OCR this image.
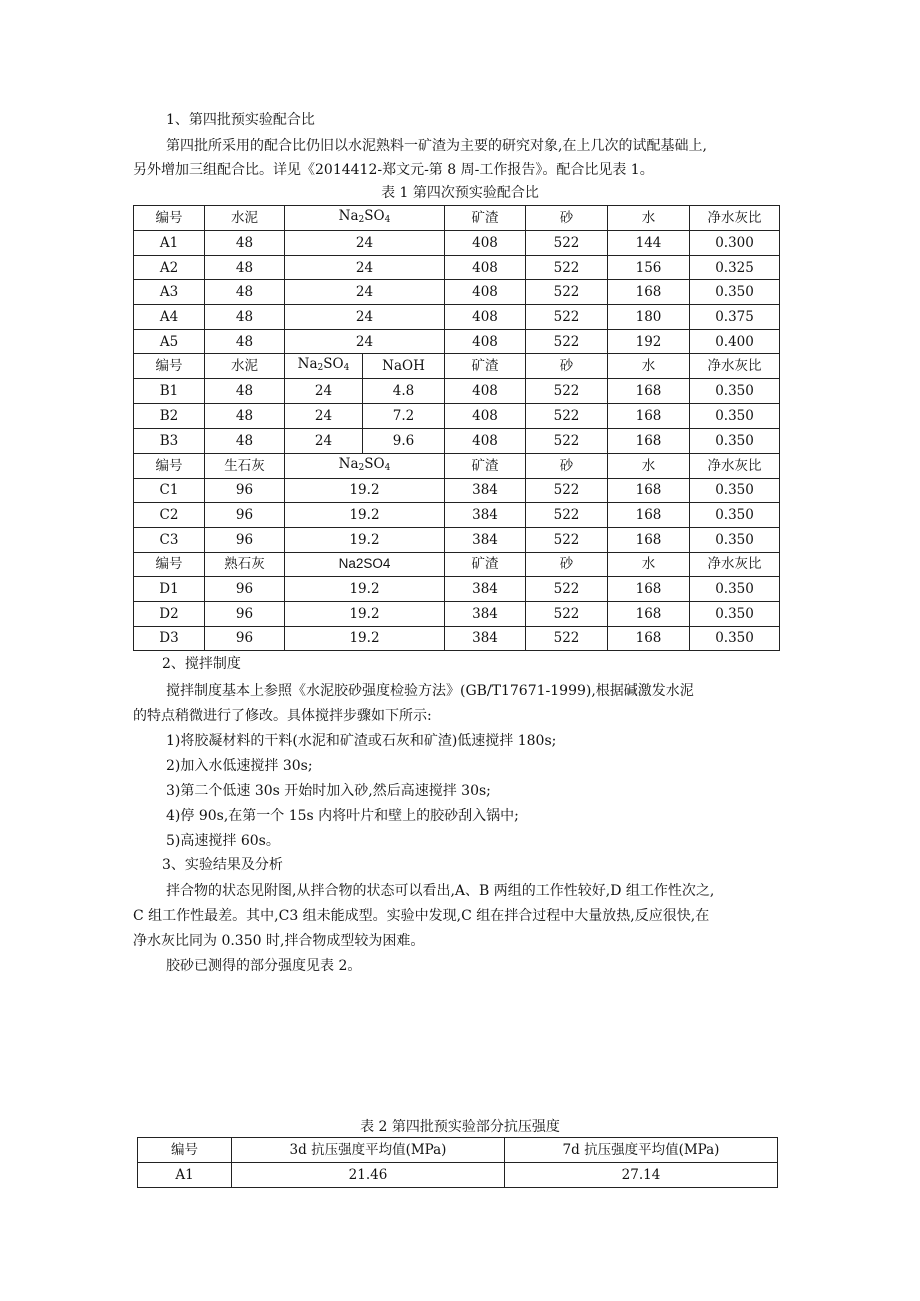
1、第四批预实验配合比

第四批所采用的配合比仍旧以水泥熟料一矿渣为主要的研究对象,在上几次的试配基础上,

另外增加三组配合比。详见《2014412-郑文元-第 8 周-工作报告》。配合比见表 1。

表 1 第四次预实验配合比

编号	水泥	$Na_2SO_4$		矿渣	砂	水	净水灰比
A1	48	24		408	522	144	0.300
A2	48	24		408	522	156	0.325
A3	48	24		408	522	168	0.350
A4	48	24		408	522	180	0.375
A5	48	24		408	522	192	0.400
编号	水泥	$Na_2SO_4$	NaOH	矿渣	砂	水	净水灰比
B1	48	24	4.8	408	522	168	0.350
B2	48	24	7.2	408	522	168	0.350
B3	48	24	9.6	408	522	168	0.350
编号	生石灰	$Na_2SO_4$		矿渣	砂	水	净水灰比
C1	96	19.2		384	522	168	0.350
C2	96	19.2		384	522	168	0.350
C3	96	19.2		384	522	168	0.350
编号	熟石灰	Na2SO4		矿渣	砂	水	净水灰比
D1	96	19.2		384	522	168	0.350
D2	96	19.2		384	522	168	0.350
D3	96	19.2		384	522	168	0.350

2、搅拌制度

搅拌制度基本上参照《水泥胶砂强度检验方法》(GB/T17671-1999),根据碱激发水泥

的特点稍微进行了修改。具体搅拌步骤如下所示:

1)将胶凝材料的干料(水泥和矿渣或石灰和矿渣)低速搅拌 180s;

2)加入水低速搅拌 30s;

3)第二个低速 30s 开始时加入砂,然后高速搅拌 30s;

4)停 90s,在第一个 15s 内将叶片和壁上的胶砂刮入锅中;

5)高速搅拌 60s。

3、实验结果及分析

拌合物的状态见附图,从拌合物的状态可以看出,A、B 两组的工作性较好,D 组工作性次之,

C 组工作性最差。其中,C3 组未能成型。实验中发现,C 组在拌合过程中大量放热,反应很快,在

净水灰比同为 0.350 时,拌合物成型较为困难。

胶砂已测得的部分强度见表 2。

表 2 第四批预实验部分抗压强度

编号	3d 抗压强度平均值(MPa)	7d 抗压强度平均值(MPa)
A1	21.46	27.14
